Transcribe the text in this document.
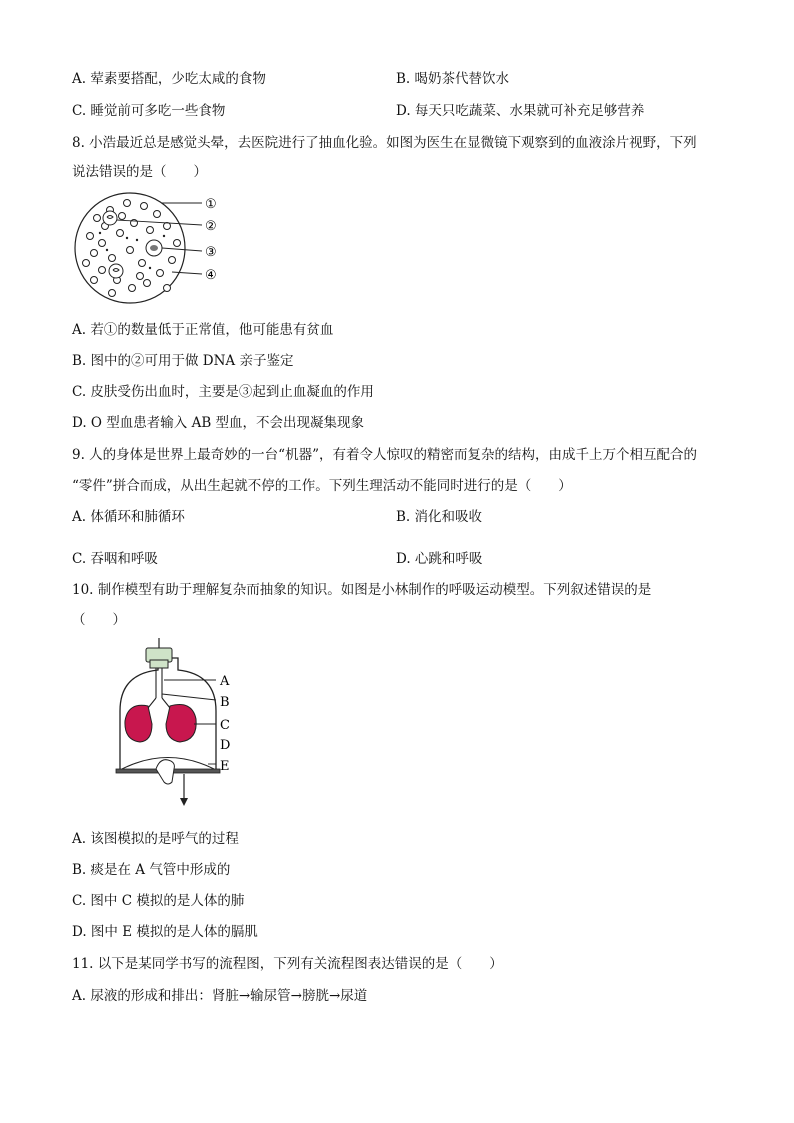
A. 荤素要搭配，少吃太咸的食物	B. 喝奶茶代替饮水
C. 睡觉前可多吃一些食物	D. 每天只吃蔬菜、水果就可补充足够营养
8. 小浩最近总是感觉头晕，去医院进行了抽血化验。如图为医生在显微镜下观察到的血液涂片视野，下列
说法错误的是（　　）
①
②
③
④
A. 若①的数量低于正常值，他可能患有贫血
B. 图中的②可用于做 DNA 亲子鉴定
C. 皮肤受伤出血时，主要是③起到止血凝血的作用
D. O 型血患者输入 AB 型血，不会出现凝集现象
9. 人的身体是世界上最奇妙的一台“机器”，有着令人惊叹的精密而复杂的结构，由成千上万个相互配合的
“零件”拼合而成，从出生起就不停的工作。下列生理活动不能同时进行的是（　　）
A. 体循环和肺循环	B. 消化和吸收
C. 吞咽和呼吸	D. 心跳和呼吸
10. 制作模型有助于理解复杂而抽象的知识。如图是小林制作的呼吸运动模型。下列叙述错误的是
（　　）
A
B
C
D
E
A. 该图模拟的是呼气的过程
B. 痰是在 A 气管中形成的
C. 图中 C 模拟的是人体的肺
D. 图中 E 模拟的是人体的膈肌
11. 以下是某同学书写的流程图，下列有关流程图表达错误的是（　　）
A. 尿液的形成和排出：肾脏→输尿管→膀胱→尿道
